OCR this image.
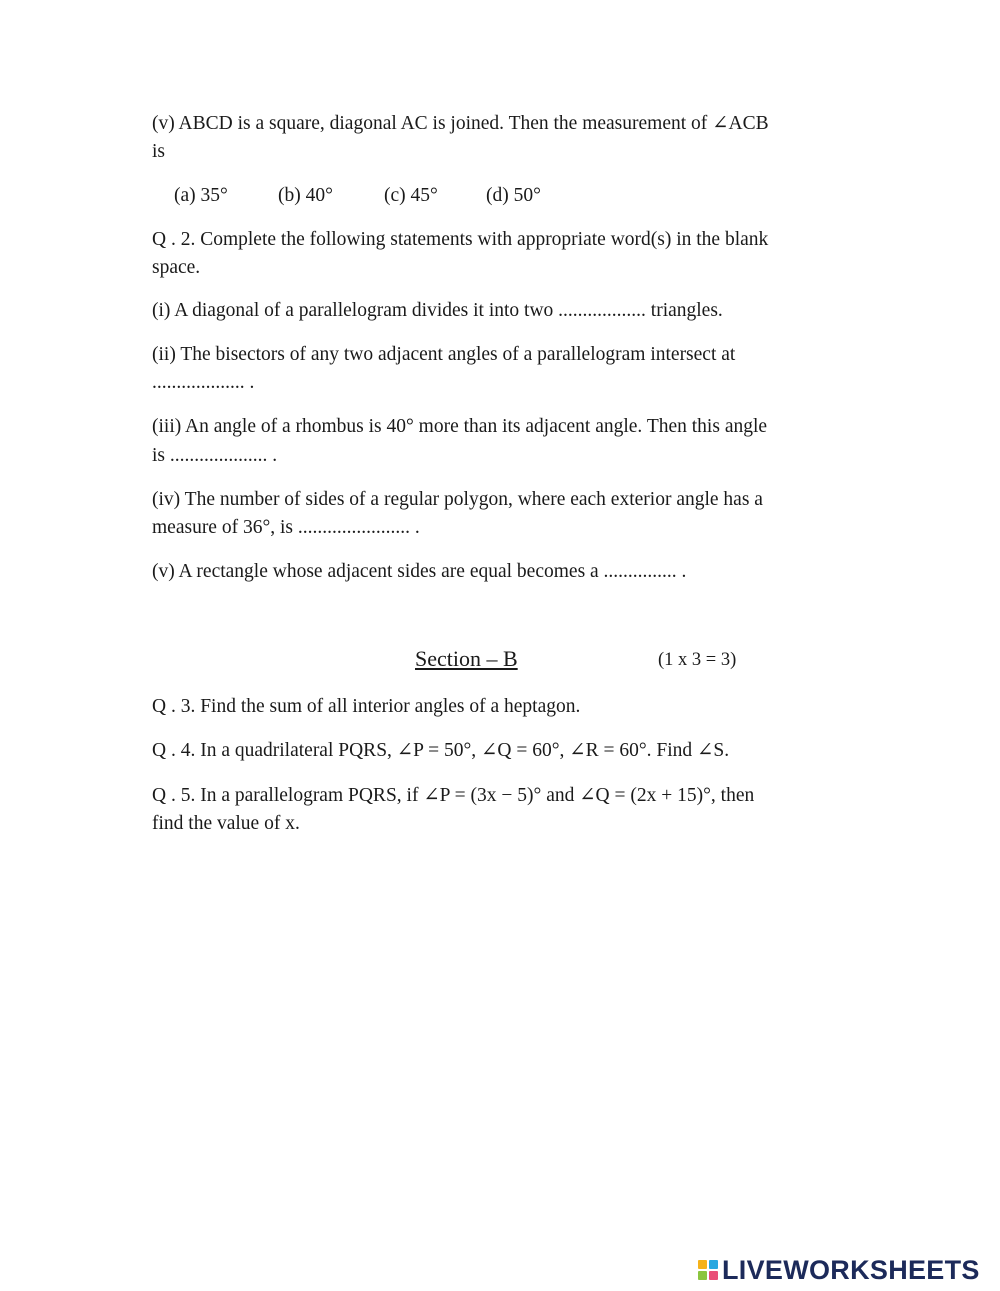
(v) ABCD is a square, diagonal AC is joined. Then the measurement of ∠ACB
is
(a) 35°	(b) 40°	(c) 45° (d) 50°
Q . 2. Complete the following statements with appropriate word(s) in the blank
space.
(i) A diagonal of a parallelogram divides it into two .................. triangles.
(ii) The bisectors of any two adjacent angles of a parallelogram intersect at
................... .
(iii) An angle of a rhombus is 40° more than its adjacent angle. Then this angle
is .................... .
(iv) The number of sides of a regular polygon, where each exterior angle has a
measure of 36°, is ....................... .
(v) A rectangle whose adjacent sides are equal becomes a ............... .
Section – B	(1 x 3 = 3)
Q . 3. Find the sum of all interior angles of a heptagon.
Q . 4. In a quadrilateral PQRS, ∠P = 50°, ∠Q = 60°, ∠R = 60°. Find ∠S.
Q . 5. In a parallelogram PQRS, if ∠P = (3x − 5)° and ∠Q = (2x + 15)°, then
find the value of x.
LIVEWORKSHEETS
